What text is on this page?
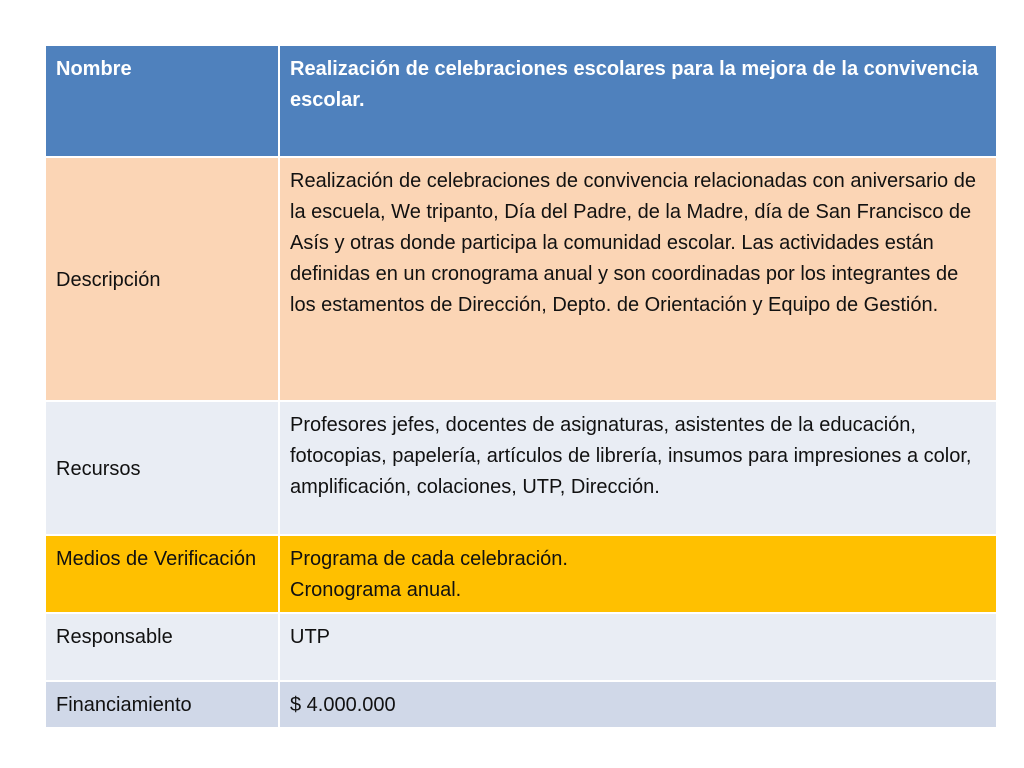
Nombre	Realización de celebraciones escolares para la mejora de la convivencia escolar.
Descripción	Realización de celebraciones de convivencia relacionadas con aniversario de la escuela, We tripanto, Día del Padre, de la Madre, día de San Francisco de Asís y otras donde participa la comunidad escolar. Las actividades están definidas en un cronograma anual y son coordinadas por los integrantes de los estamentos de Dirección, Depto. de Orientación y Equipo de Gestión.
Recursos	Profesores jefes, docentes de asignaturas, asistentes de la educación, fotocopias, papelería, artículos de librería, insumos para impresiones a color, amplificación, colaciones, UTP, Dirección.
Medios de Verificación	Programa de cada celebración.
Cronograma anual.

Responsable	UTP
Financiamiento	$ 4.000.000
